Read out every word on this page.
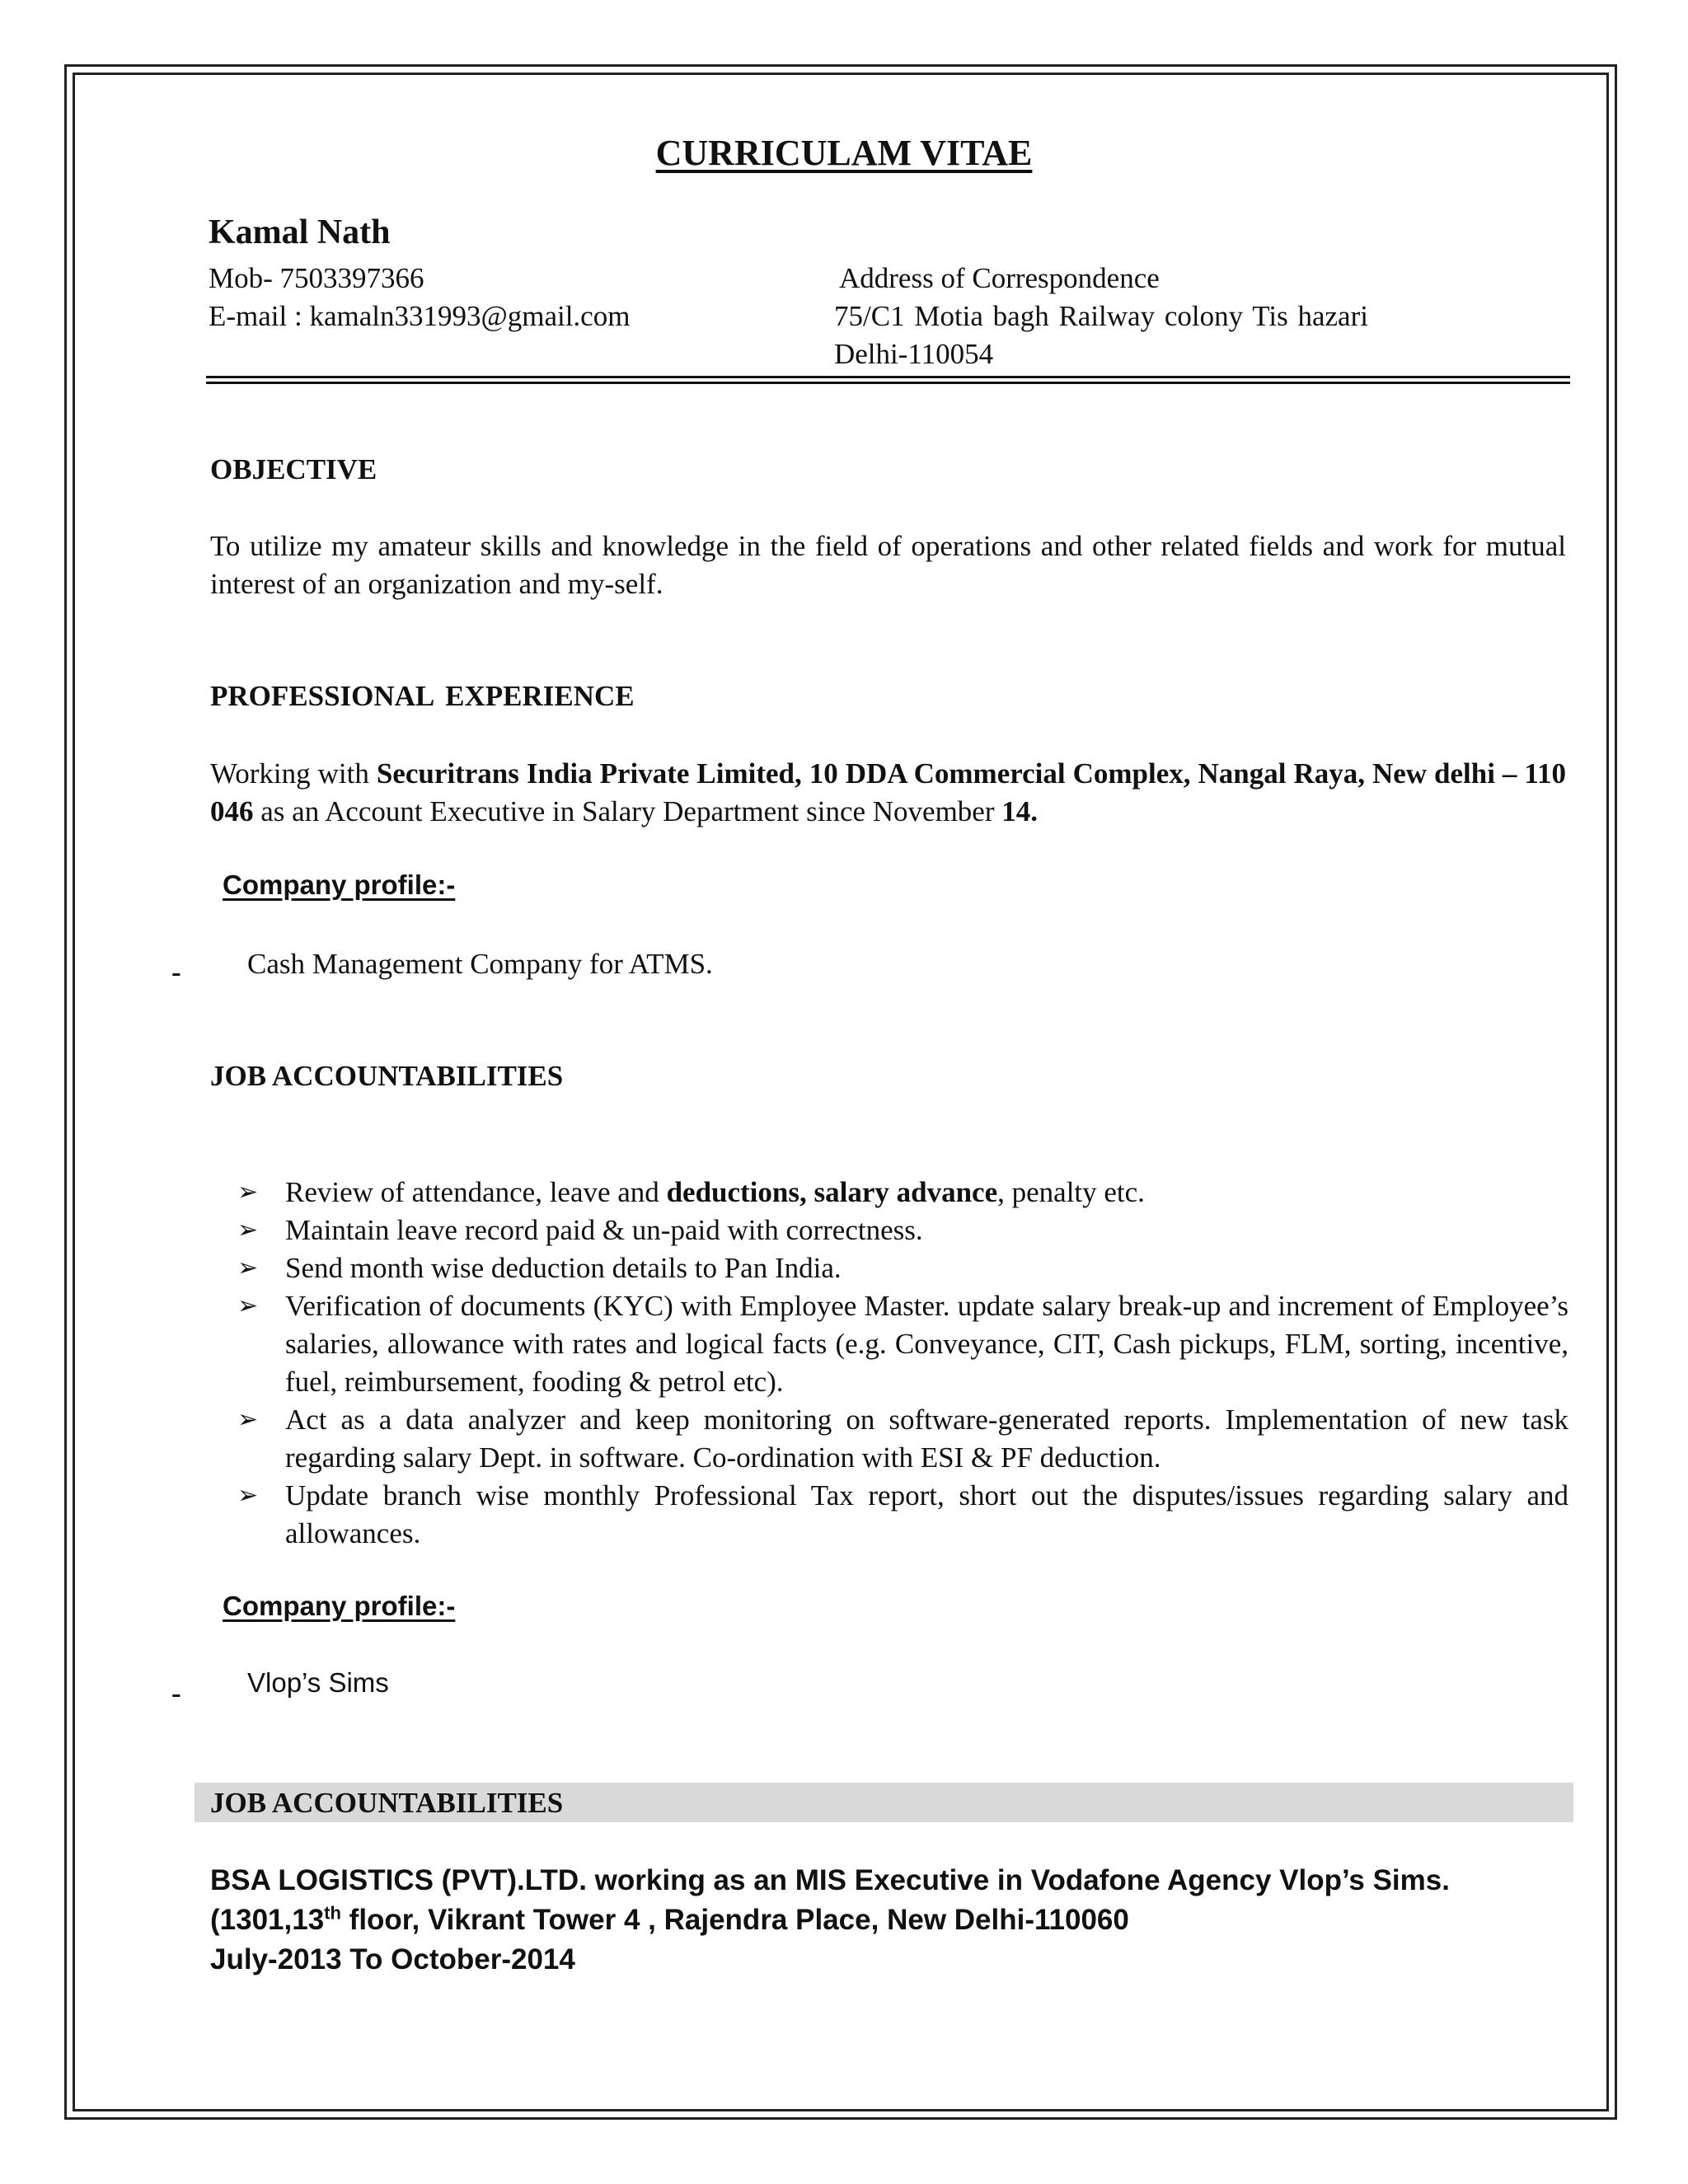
CURRICULAM VITAE
Kamal Nath
Mob- 7503397366
E-mail : kamaln331993@gmail.com
Address of Correspondence
75/C1 Motia bagh Railway colony Tis hazari
Delhi-110054
OBJECTIVE
To utilize my amateur skills and knowledge in the field of operations and other related fields and work for mutual interest of an organization and my-self.
PROFESSIONAL EXPERIENCE
Working with Securitrans India Private Limited, 10 DDA Commercial Complex, Nangal Raya, New delhi – 110 046 as an Account Executive in Salary Department since November 14.
Company profile:-
- Cash Management Company for ATMS.
JOB ACCOUNTABILITIES
➢ Review of attendance, leave and deductions, salary advance, penalty etc.
➢ Maintain leave record paid & un-paid with correctness.
➢ Send month wise deduction details to Pan India.
➢ Verification of documents (KYC) with Employee Master. update salary break-up and increment of Employee’s salaries, allowance with rates and logical facts (e.g. Conveyance, CIT, Cash pickups, FLM, sorting, incentive, fuel, reimbursement, fooding & petrol etc).
➢ Act as a data analyzer and keep monitoring on software-generated reports. Implementation of new task regarding salary Dept. in software. Co-ordination with ESI & PF deduction.
➢ Update branch wise monthly Professional Tax report, short out the disputes/issues regarding salary and allowances.
Company profile:-
- Vlop’s Sims
JOB ACCOUNTABILITIES
BSA LOGISTICS (PVT).LTD. working as an MIS Executive in Vodafone Agency Vlop’s Sims.
(1301,13th floor, Vikrant Tower 4 , Rajendra Place, New Delhi-110060
July-2013 To October-2014
